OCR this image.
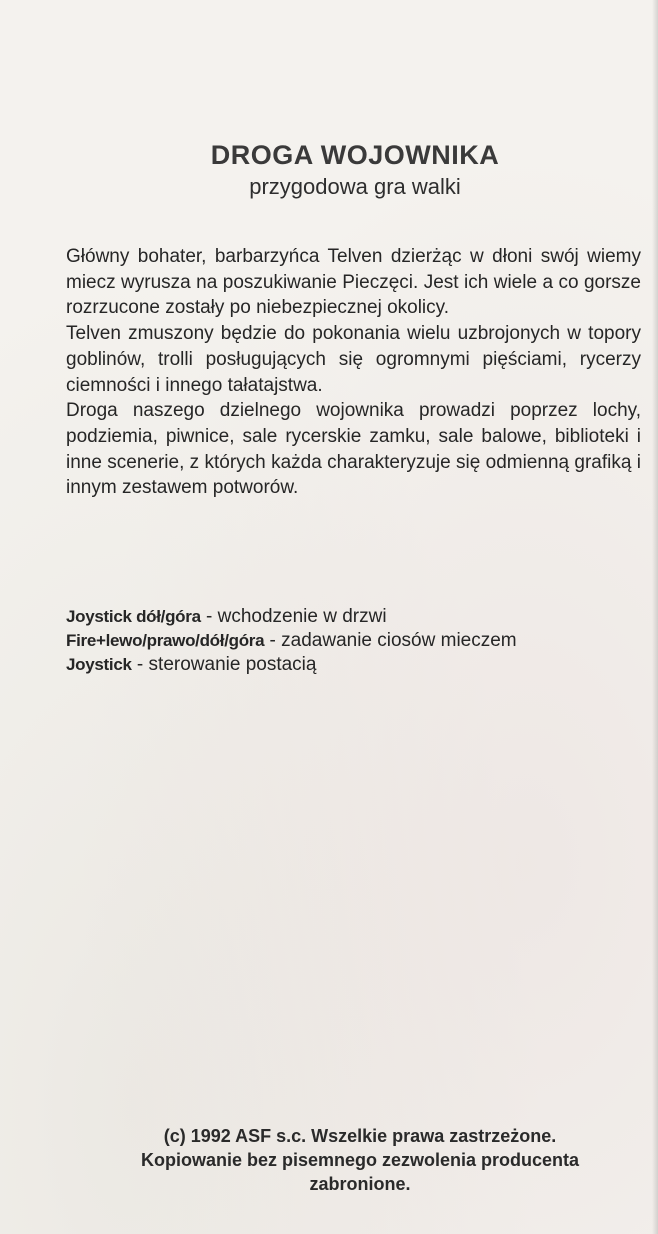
DROGA WOJOWNIKA
przygodowa gra walki

Główny bohater, barbarzyńca Telven dzierżąc w dłoni swój wiemy miecz wyrusza na poszukiwanie Pieczęci. Jest ich wiele a co gorsze rozrzucone zostały po niebezpiecznej okolicy.

Telven zmuszony będzie do pokonania wielu uzbrojonych w topory goblinów, trolli posługujących się ogromnymi pięściami, rycerzy ciemności i innego tałatajstwa.

Droga naszego dzielnego wojownika prowadzi poprzez lochy, podziemia, piwnice, sale rycerskie zamku, sale balowe, biblioteki i inne scenerie, z których każda charakteryzuje się odmienną grafiką i innym zestawem potworów.

Joystick dół/góra - wchodzenie w drzwi
Fire+lewo/prawo/dół/góra - zadawanie ciosów mieczem
Joystick - sterowanie postacią
(c) 1992 ASF s.c. Wszelkie prawa zastrzeżone.
Kopiowanie bez pisemnego zezwolenia producenta
zabronione.
